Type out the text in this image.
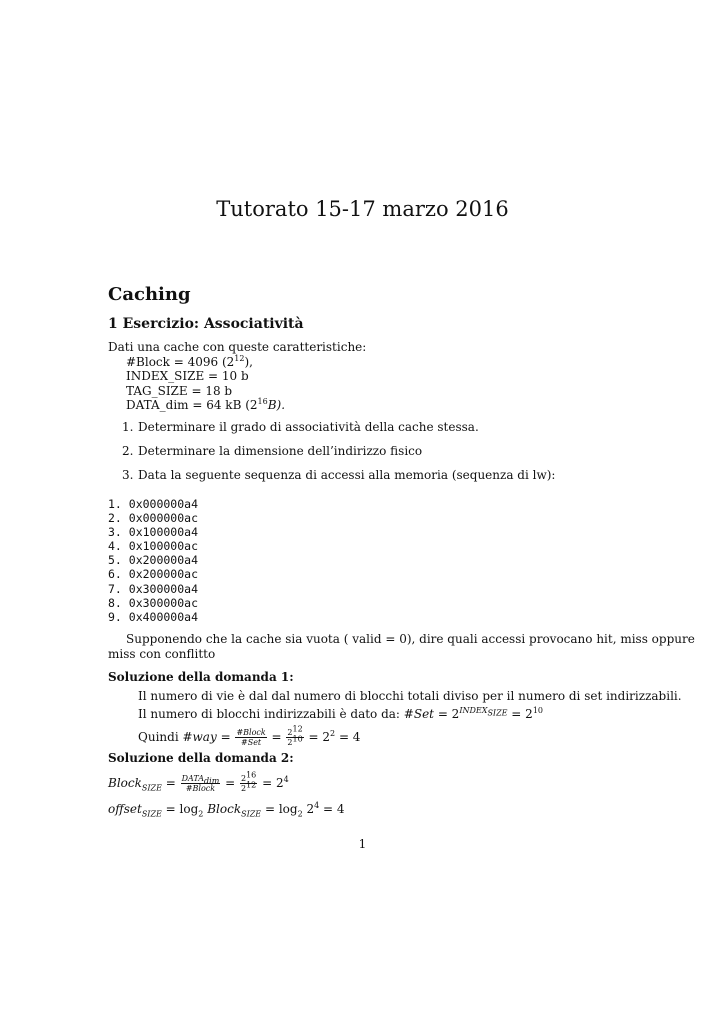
Tutorato 15-17 marzo 2016
Caching
1 Esercizio: Associatività
Dati una cache con queste caratteristiche:
#Block = 4096 $(2^{12})$,
INDEX_SIZE = 10 b
TAG_SIZE = 18 b
DATA_dim = 64 kB $(2^{16}B)$.
1. Determinare il grado di associatività della cache stessa.
2. Determinare la dimensione dell’indirizzo fisico
3. Data la seguente sequenza di accessi alla memoria (sequenza di lw):
1. 0x000000a4
2. 0x000000ac
3. 0x100000a4
4. 0x100000ac
5. 0x200000a4
6. 0x200000ac
7. 0x300000a4
8. 0x300000ac
9. 0x400000a4
Supponendo che la cache sia vuota ( valid = 0), dire quali accessi provocano hit, miss oppure
miss con conflitto
Soluzione della domanda 1:
Il numero di vie è dal dal numero di blocchi totali diviso per il numero di set indirizzabili.
Il numero di blocchi indirizzabili è dato da: #Set = $2^{INDEX_{SIZE}} = 2^{10}$
Quindi #way = $\frac{\text{\#Block}}{\text{\#Set}} = \frac{2^{12}}{2^{10}} = 2^2 = 4$
Soluzione della domanda 2:
Block$_{SIZE}$ = $\frac{DATA_{dim}}{\text{\#Block}} = \frac{2^{16}}{2^{12}} = 2^4$
offset$_{SIZE}$ = $\log_2$ Block$_{SIZE}$ = $\log_2 2^4 = 4$
1
